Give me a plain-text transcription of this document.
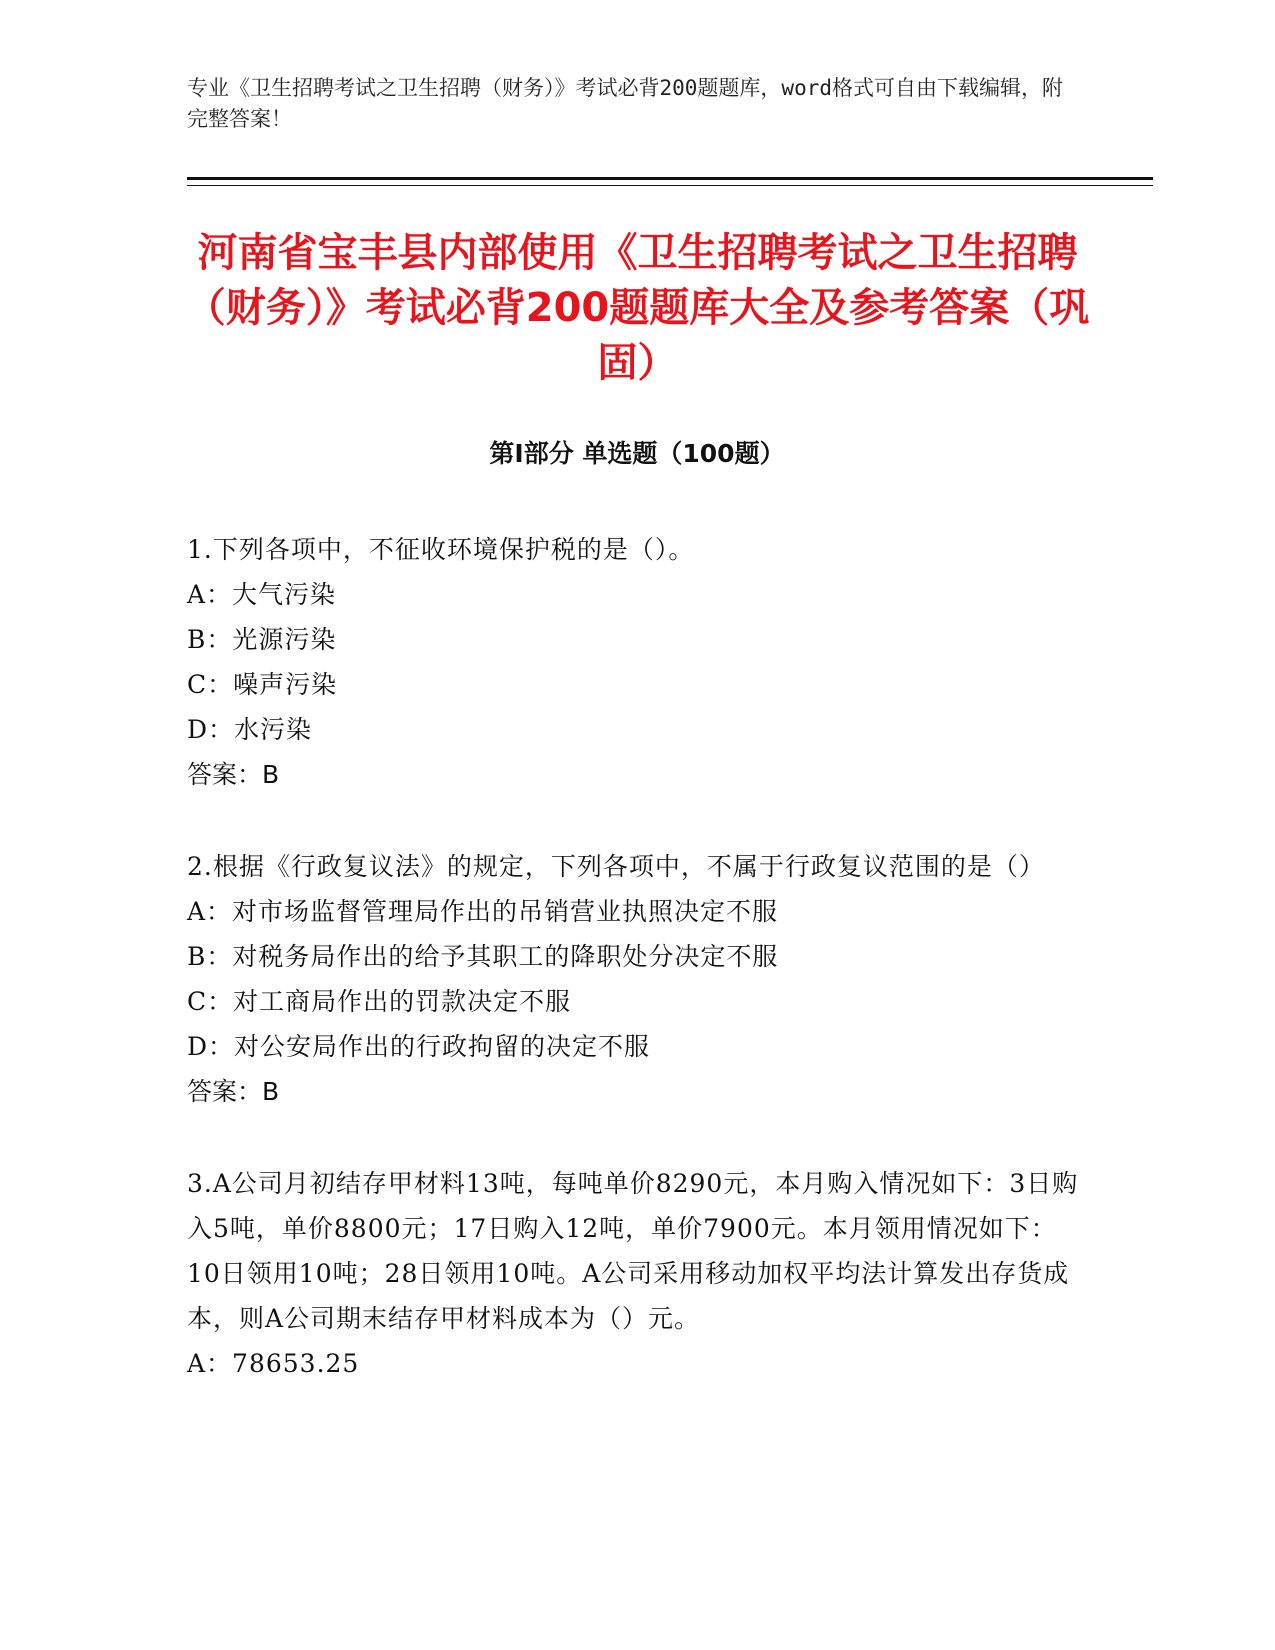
专业《卫生招聘考试之卫生招聘（财务）》考试必背200题题库，word格式可自由下载编辑，附完整答案！
河南省宝丰县内部使用《卫生招聘考试之卫生招聘（财务）》考试必背200题题库大全及参考答案（巩固）
第I部分 单选题（100题）
1.下列各项中，不征收环境保护税的是（）。
A：大气污染
B：光源污染
C：噪声污染
D：水污染
答案：B
2.根据《行政复议法》的规定，下列各项中，不属于行政复议范围的是（）
A：对市场监督管理局作出的吊销营业执照决定不服
B：对税务局作出的给予其职工的降职处分决定不服
C：对工商局作出的罚款决定不服
D：对公安局作出的行政拘留的决定不服
答案：B
3.A公司月初结存甲材料13吨，每吨单价8290元，本月购入情况如下：3日购入5吨，单价8800元；17日购入12吨，单价7900元。本月领用情况如下：10日领用10吨；28日领用10吨。A公司采用移动加权平均法计算发出存货成本，则A公司期末结存甲材料成本为（）元。
A：78653.25
